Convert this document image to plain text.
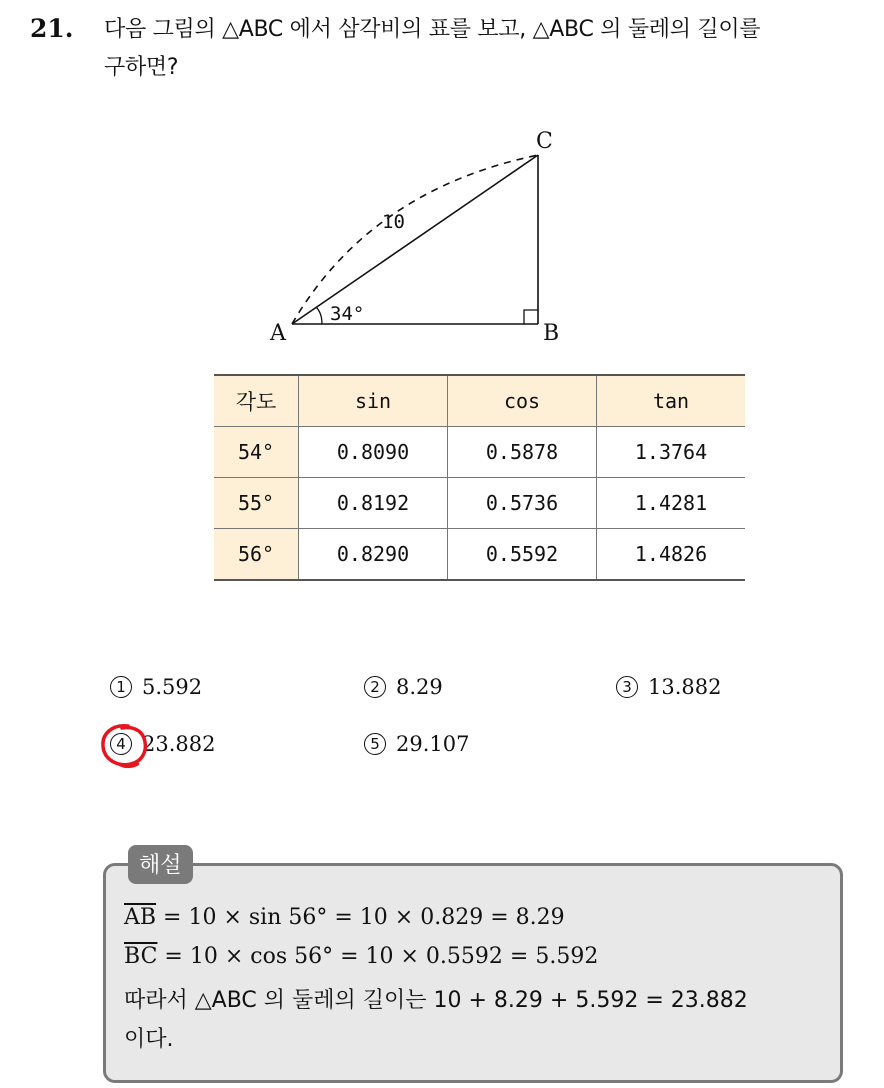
21. 다음 그림의 △ABC 에서 삼각비의 표를 보고, △ABC 의 둘레의 길이를
구하면?
A	B
C
10
34°
각도	sin	cos	tan
54°	0.8090	0.5878	1.3764
55°	0.8192	0.5736	1.4281
56°	0.8290	0.5592	1.4826
1 5.592	2 8.29	3 13.882
4 23.882	5 29.107
해설
$\overline{AB} = 10 \times \sin 56^\circ = 10 \times 0.829 = 8.29$
$\overline{BC} = 10 \times \cos 56^\circ = 10 \times 0.5592 = 5.592$
따라서 △ABC 의 둘레의 길이는 10 + 8.29 + 5.592 = 23.882
이다.
